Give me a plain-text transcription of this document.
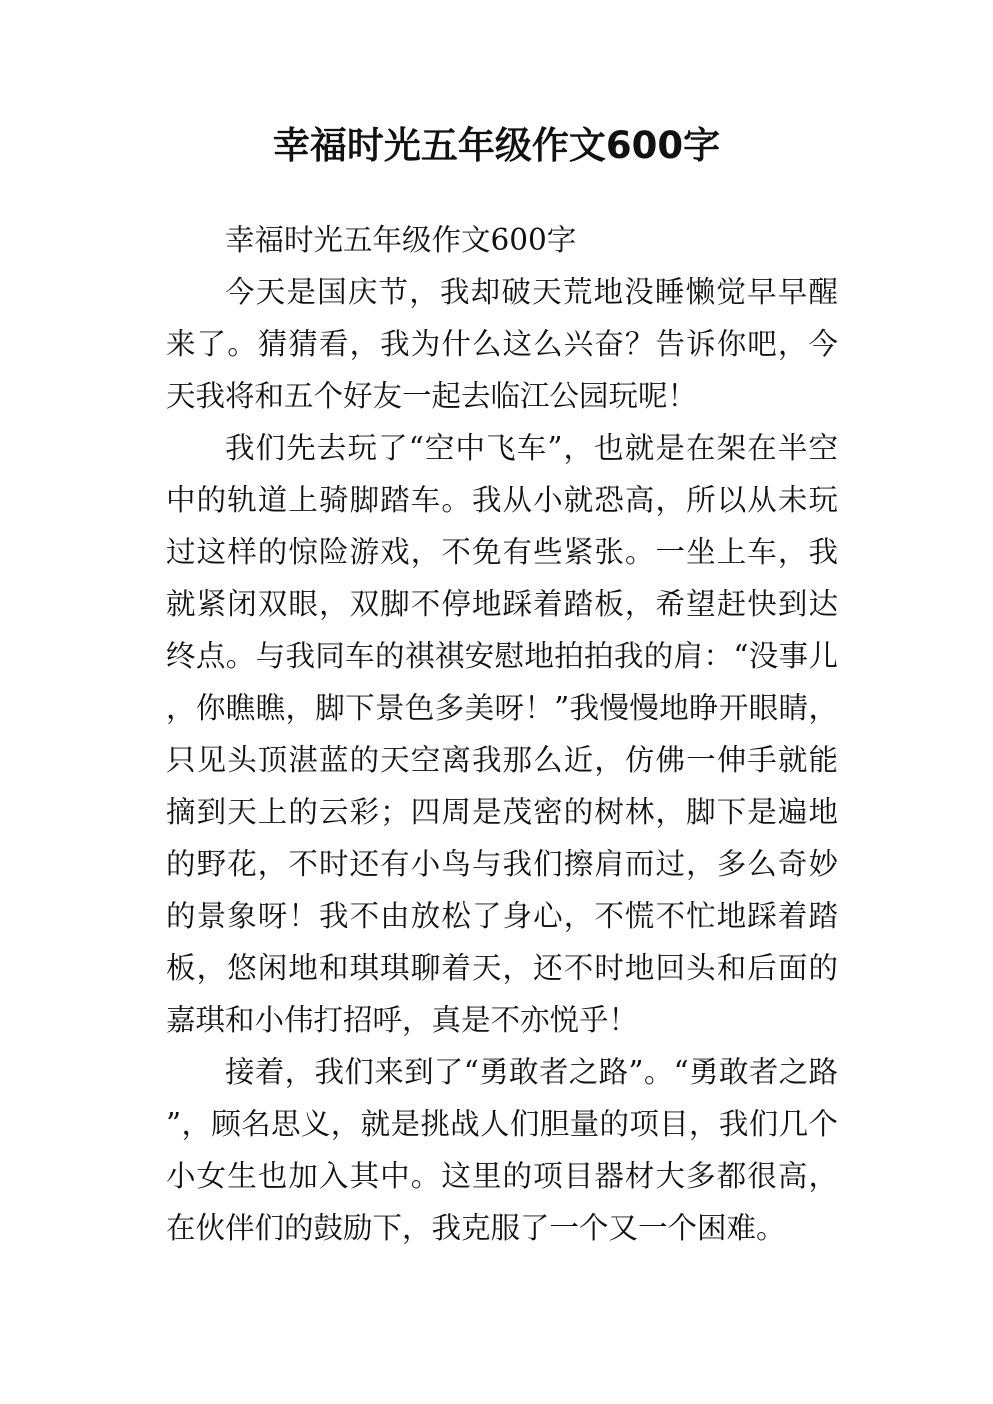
幸福时光五年级作文600字

幸福时光五年级作文600字

今天是国庆节，我却破天荒地没睡懒觉早早醒来了。猜猜看，我为什么这么兴奋？告诉你吧，今天我将和五个好友一起去临江公园玩呢！

我们先去玩了“空中飞车”，也就是在架在半空中的轨道上骑脚踏车。我从小就恐高，所以从未玩过这样的惊险游戏，不免有些紧张。一坐上车，我就紧闭双眼，双脚不停地踩着踏板，希望赶快到达终点。与我同车的祺祺安慰地拍拍我的肩：“没事儿，你瞧瞧，脚下景色多美呀！”我慢慢地睁开眼睛，只见头顶湛蓝的天空离我那么近，仿佛一伸手就能摘到天上的云彩；四周是茂密的树林，脚下是遍地的野花，不时还有小鸟与我们擦肩而过，多么奇妙的景象呀！我不由放松了身心，不慌不忙地踩着踏板，悠闲地和琪琪聊着天，还不时地回头和后面的嘉琪和小伟打招呼，真是不亦悦乎！

接着，我们来到了“勇敢者之路”。“勇敢者之路”，顾名思义，就是挑战人们胆量的项目，我们几个小女生也加入其中。这里的项目器材大多都很高，在伙伴们的鼓励下，我克服了一个又一个困难。
